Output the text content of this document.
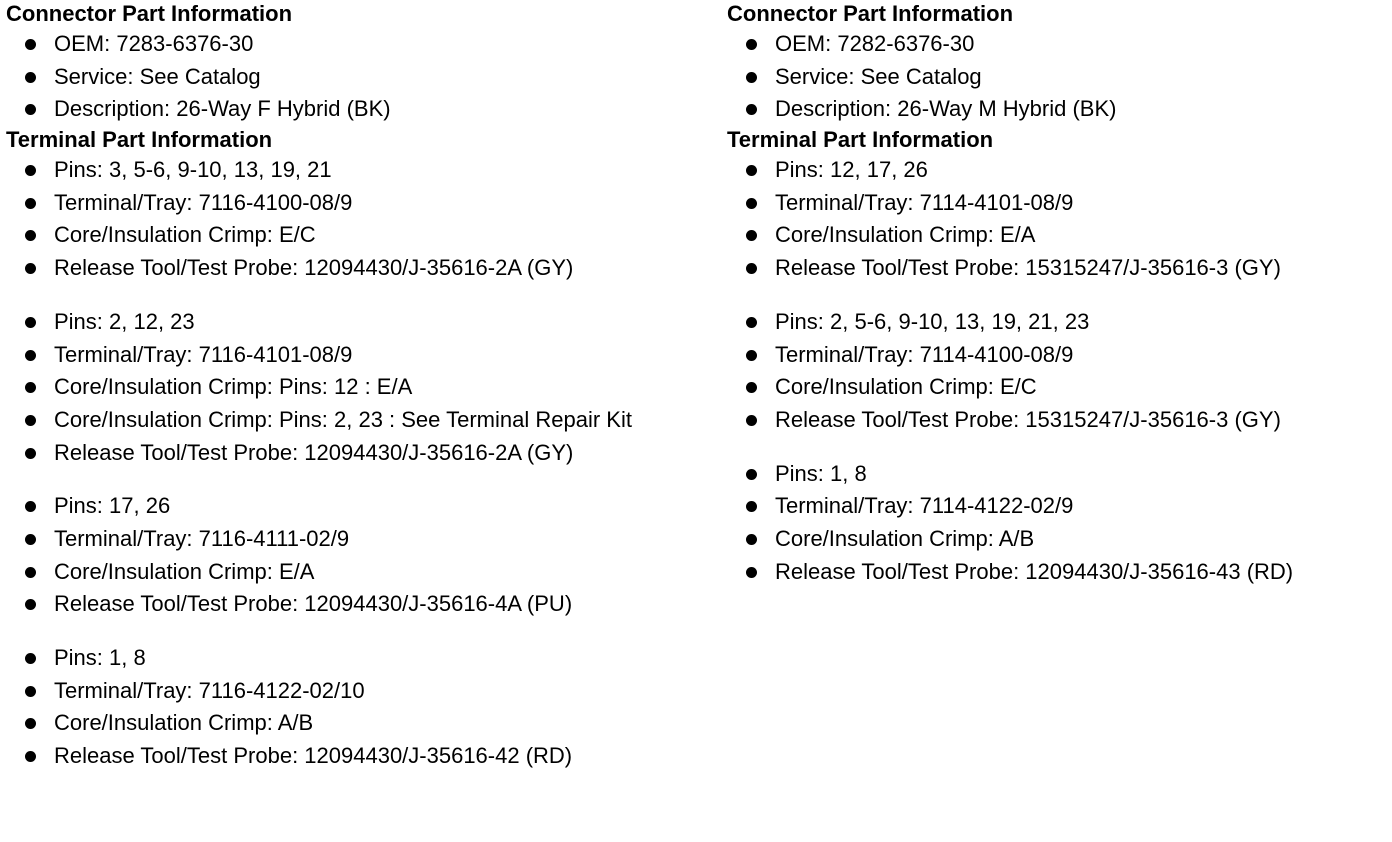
Connector Part Information
OEM: 7283-6376-30
Service: See Catalog
Description: 26-Way F Hybrid (BK)
Terminal Part Information
Pins: 3, 5-6, 9-10, 13, 19, 21
Terminal/Tray: 7116-4100-08/9
Core/Insulation Crimp: E/C
Release Tool/Test Probe: 12094430/J-35616-2A (GY)
Pins: 2, 12, 23
Terminal/Tray: 7116-4101-08/9
Core/Insulation Crimp: Pins: 12 : E/A
Core/Insulation Crimp: Pins: 2, 23 : See Terminal Repair Kit
Release Tool/Test Probe: 12094430/J-35616-2A (GY)
Pins: 17, 26
Terminal/Tray: 7116-4111-02/9
Core/Insulation Crimp: E/A
Release Tool/Test Probe: 12094430/J-35616-4A (PU)
Pins: 1, 8
Terminal/Tray: 7116-4122-02/10
Core/Insulation Crimp: A/B
Release Tool/Test Probe: 12094430/J-35616-42 (RD)
Connector Part Information
OEM: 7282-6376-30
Service: See Catalog
Description: 26-Way M Hybrid (BK)
Terminal Part Information
Pins: 12, 17, 26
Terminal/Tray: 7114-4101-08/9
Core/Insulation Crimp: E/A
Release Tool/Test Probe: 15315247/J-35616-3 (GY)
Pins: 2, 5-6, 9-10, 13, 19, 21, 23
Terminal/Tray: 7114-4100-08/9
Core/Insulation Crimp: E/C
Release Tool/Test Probe: 15315247/J-35616-3 (GY)
Pins: 1, 8
Terminal/Tray: 7114-4122-02/9
Core/Insulation Crimp: A/B
Release Tool/Test Probe: 12094430/J-35616-43 (RD)
